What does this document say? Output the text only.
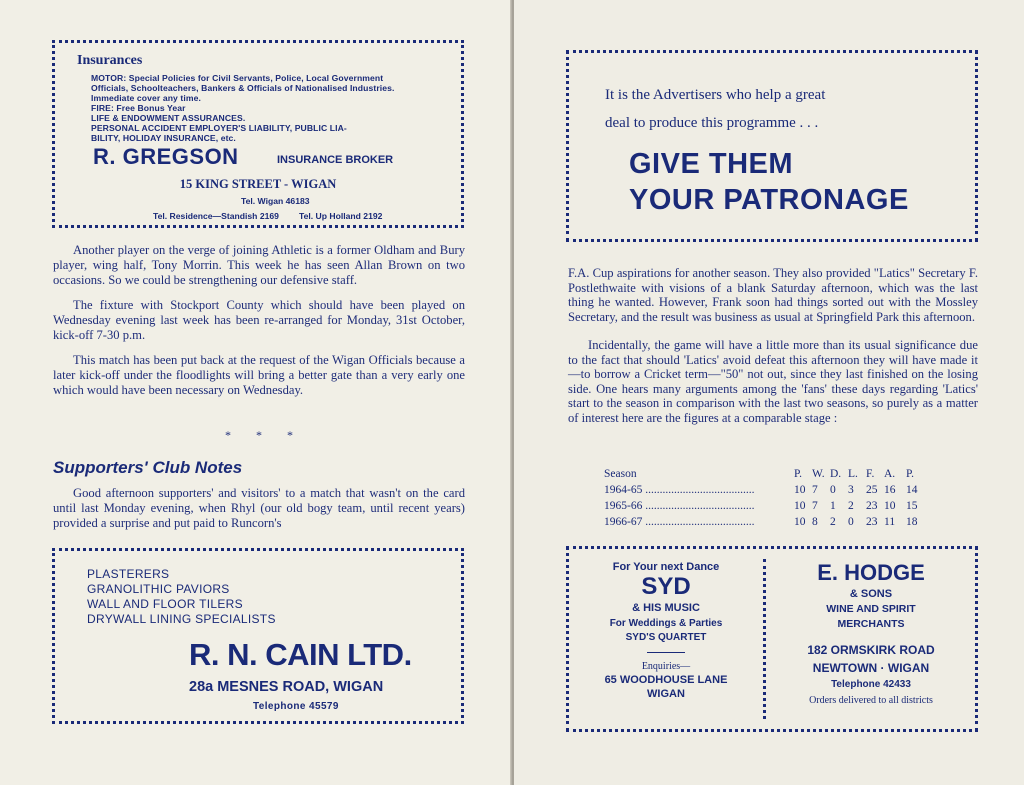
Insurances
MOTOR: Special Policies for Civil Servants, Police, Local Government
Officials, Schoolteachers, Bankers & Officials of Nationalised Industries.
Immediate cover any time.
FIRE: Free Bonus Year
LIFE & ENDOWMENT ASSURANCES.
PERSONAL ACCIDENT EMPLOYER'S LIABILITY, PUBLIC LIA-
BILITY, HOLIDAY INSURANCE, etc.
R. GREGSON	INSURANCE BROKER
15 KING STREET - WIGAN
Tel. Wigan 46183
Tel. Residence—Standish 2169 Tel. Up Holland 2192

Another player on the verge of joining Athletic is a former Oldham and Bury player, wing half, Tony Morrin. This week he has seen Allan Brown on two occasions. So we could be strengthening our defensive staff.

The fixture with Stockport County which should have been played on Wednesday evening last week has been re-arranged for Monday, 31st October, kick-off 7-30 p.m.

This match has been put back at the request of the Wigan Officials because a later kick-off under the floodlights will bring a better gate than a very early one which would have been necessary on Wednesday.

* * *
Supporters' Club Notes

Good afternoon supporters' and visitors' to a match that wasn't on the card until last Monday evening, when Rhyl (our old bogy team, until recent years) provided a surprise and put paid to Runcorn's

PLASTERERS
GRANOLITHIC PAVIORS
WALL AND FLOOR TILERS
DRYWALL LINING SPECIALISTS
R. N. CAIN LTD.
28a MESNES ROAD, WIGAN
Telephone 45579
It is the Advertisers who help a great
deal to produce this programme . . .
GIVE THEM
YOUR PATRONAGE

F.A. Cup aspirations for another season. They also provided "Latics" Secretary F. Postlethwaite with visions of a blank Saturday afternoon, which was the last thing he wanted. However, Frank soon had things sorted out with the Mossley Secretary, and the result was business as usual at Springfield Park this afternoon.

Incidentally, the game will have a little more than its usual significance due to the fact that should 'Latics' avoid defeat this afternoon they will have made it—to borrow a Cricket term—"50" not out, since they last finished on the losing side. One hears many arguments among the 'fans' these days regarding 'Latics' start to the season in comparison with the last two seasons, so purely as a matter of interest here are the figures at a comparable stage :

Season	P. W. D. L. F. A. P.
1964-65 ......................................	10 7	0	3	25 16 14
1965-66 ......................................	10 7	1	2	23 10 15
1966-67 ......................................	10 8	2	0	23 11 18
For Your next Dance
SYD
& HIS MUSIC
For Weddings & Parties
SYD'S QUARTET
Enquiries—
65 WOODHOUSE LANE
WIGAN
E. HODGE
& SONS
WINE AND SPIRIT
MERCHANTS
182 ORMSKIRK ROAD
NEWTOWN · WIGAN
Telephone 42433
Orders delivered to all districts
